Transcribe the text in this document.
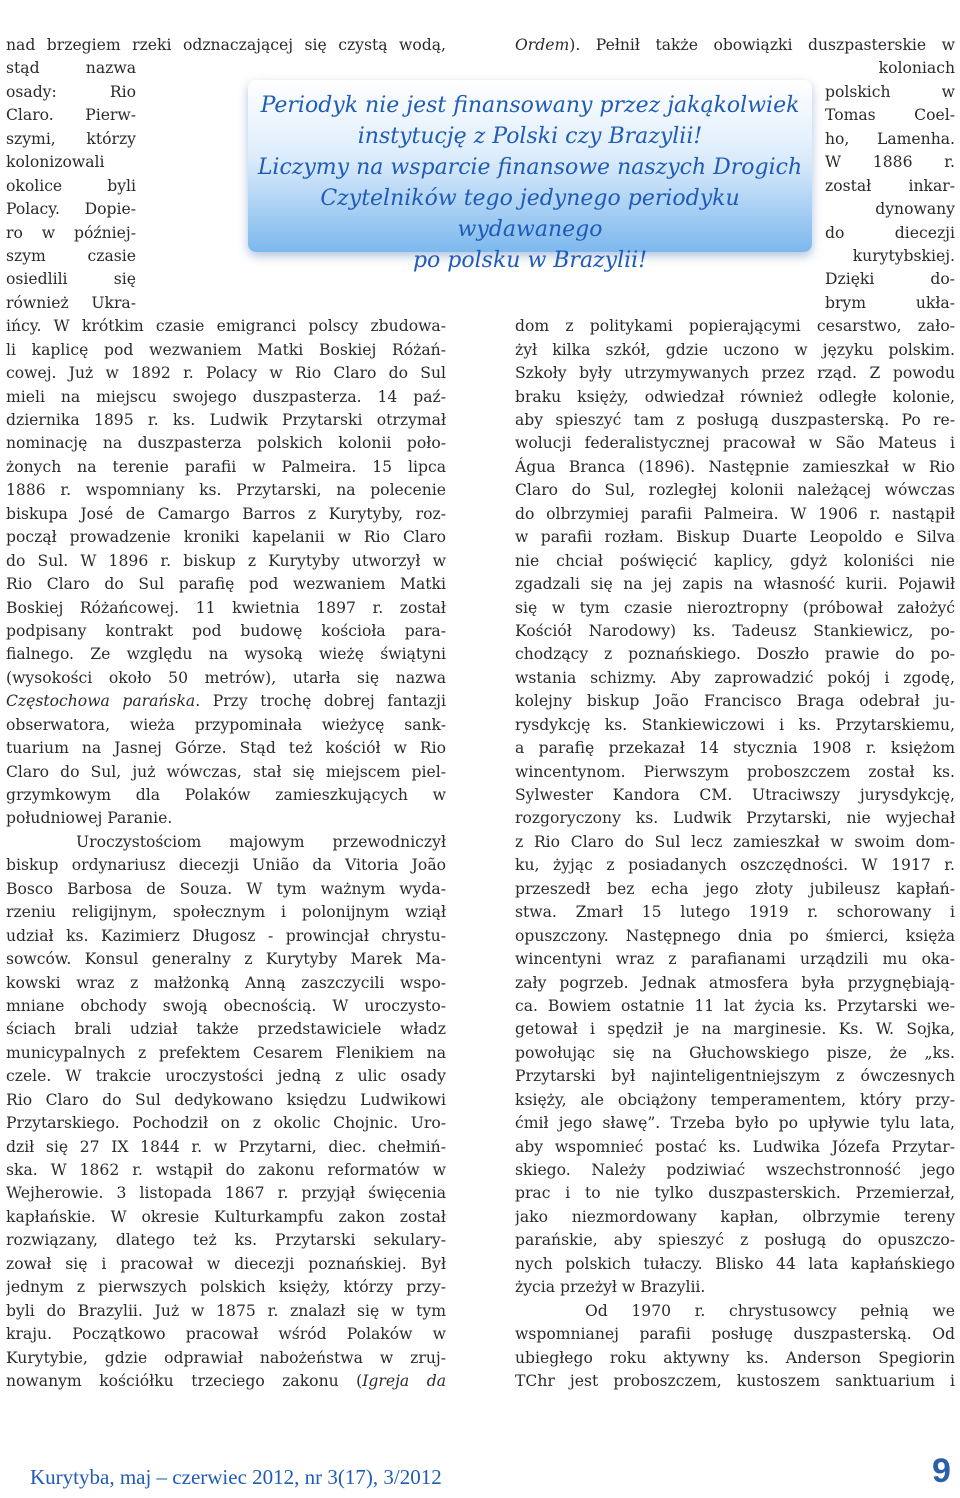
nad brzegiem rzeki odznaczającej się czystą wodą,
stąd nazwa
osady: Rio
Claro. Pierw-
szymi, którzy
kolonizowali
okolice byli
Polacy. Dopie-
ro w później-
szym czasie
osiedlili się
również Ukra-
ińcy. W krótkim czasie emigranci polscy zbudowa-
li kaplicę pod wezwaniem Matki Boskiej Różań-
cowej. Już w 1892 r. Polacy w Rio Claro do Sul
mieli na miejscu swojego duszpasterza. 14 paź-
dziernika 1895 r. ks. Ludwik Przytarski otrzymał
nominację na duszpasterza polskich kolonii poło-
żonych na terenie parafii w Palmeira. 15 lipca
1886 r. wspomniany ks. Przytarski, na polecenie
biskupa José de Camargo Barros z Kurytyby, roz-
począł prowadzenie kroniki kapelanii w Rio Claro
do Sul. W 1896 r. biskup z Kurytyby utworzył w
Rio Claro do Sul parafię pod wezwaniem Matki
Boskiej Różańcowej. 11 kwietnia 1897 r. został
podpisany kontrakt pod budowę kościoła para-
fialnego. Ze względu na wysoką wieżę świątyni
(wysokości około 50 metrów), utarła się nazwa
Częstochowa parańska. Przy trochę dobrej fantazji
obserwatora, wieża przypominała wieżycę sank-
tuarium na Jasnej Górze. Stąd też kościół w Rio
Claro do Sul, już wówczas, stał się miejscem piel-
grzymkowym dla Polaków zamieszkujących w
południowej Paranie.
Uroczystościom majowym przewodniczył
biskup ordynariusz diecezji União da Vitoria João
Bosco Barbosa de Souza. W tym ważnym wyda-
rzeniu religijnym, społecznym i polonijnym wziął
udział ks. Kazimierz Długosz - prowincjał chrystu-
sowców. Konsul generalny z Kurytyby Marek Ma-
kowski wraz z małżonką Anną zaszczycili wspo-
mniane obchody swoją obecnością. W uroczysto-
ściach brali udział także przedstawiciele władz
municypalnych z prefektem Cesarem Flenikiem na
czele. W trakcie uroczystości jedną z ulic osady
Rio Claro do Sul dedykowano księdzu Ludwikowi
Przytarskiego. Pochodził on z okolic Chojnic. Uro-
dził się 27 IX 1844 r. w Przytarni, diec. chełmiń-
ska. W 1862 r. wstąpił do zakonu reformatów w
Wejherowie. 3 listopada 1867 r. przyjął święcenia
kapłańskie. W okresie Kulturkampfu zakon został
rozwiązany, dlatego też ks. Przytarski sekulary-
zował się i pracował w diecezji poznańskiej. Był
jednym z pierwszych polskich księży, którzy przy-
byli do Brazylii. Już w 1875 r. znalazł się w tym
kraju. Początkowo pracował wśród Polaków w
Kurytybie, gdzie odprawiał nabożeństwa w zruj-
nowanym kościółku trzeciego zakonu (Igreja da
Ordem). Pełnił także obowiązki duszpasterskie w
koloniach
polskich w
Tomas Coel-
ho, Lamenha.
W 1886 r.
został inkar-
dynowany
do diecezji
kurytybskiej.
Dzięki do-
brym ukła-
dom z politykami popierającymi cesarstwo, zało-
żył kilka szkół, gdzie uczono w języku polskim.
Szkoły były utrzymywanych przez rząd. Z powodu
braku księży, odwiedzał również odległe kolonie,
aby spieszyć tam z posługą duszpasterską. Po re-
wolucji federalistycznej pracował w São Mateus i
Água Branca (1896). Następnie zamieszkał w Rio
Claro do Sul, rozległej kolonii należącej wówczas
do olbrzymiej parafii Palmeira. W 1906 r. nastąpił
w parafii rozłam. Biskup Duarte Leopoldo e Silva
nie chciał poświęcić kaplicy, gdyż koloniści nie
zgadzali się na jej zapis na własność kurii. Pojawił
się w tym czasie nieroztropny (próbował założyć
Kościół Narodowy) ks. Tadeusz Stankiewicz, po-
chodzący z poznańskiego. Doszło prawie do po-
wstania schizmy. Aby zaprowadzić pokój i zgodę,
kolejny biskup João Francisco Braga odebrał ju-
rysdykcję ks. Stankiewiczowi i ks. Przytarskiemu,
a parafię przekazał 14 stycznia 1908 r. księżom
wincentynom. Pierwszym proboszczem został ks.
Sylwester Kandora CM. Utraciwszy jurysdykcję,
rozgoryczony ks. Ludwik Przytarski, nie wyjechał
z Rio Claro do Sul lecz zamieszkał w swoim dom-
ku, żyjąc z posiadanych oszczędności. W 1917 r.
przeszedł bez echa jego złoty jubileusz kapłań-
stwa. Zmarł 15 lutego 1919 r. schorowany i
opuszczony. Następnego dnia po śmierci, księża
wincentyni wraz z parafianami urządzili mu oka-
zały pogrzeb. Jednak atmosfera była przygnębiają-
ca. Bowiem ostatnie 11 lat życia ks. Przytarski we-
getował i spędził je na marginesie. Ks. W. Sojka,
powołując się na Głuchowskiego pisze, że „ks.
Przytarski był najinteligentniejszym z ówczesnych
księży, ale obciążony temperamentem, który przy-
ćmił jego sławę”. Trzeba było po upływie tylu lata,
aby wspomnieć postać ks. Ludwika Józefa Przytar-
skiego. Należy podziwiać wszechstronność jego
prac i to nie tylko duszpasterskich. Przemierzał,
jako niezmordowany kapłan, olbrzymie tereny
parańskie, aby spieszyć z posługą do opuszczo-
nych polskich tułaczy. Blisko 44 lata kapłańskiego
życia przeżył w Brazylii.
Od 1970 r. chrystusowcy pełnią we
wspomnianej parafii posługę duszpasterską. Od
ubiegłego roku aktywny ks. Anderson Spegiorin
TChr jest proboszczem, kustoszem sanktuarium i
Periodyk nie jest finansowany przez jakąkolwiek
instytucję z Polski czy Brazylii!
Liczymy na wsparcie finansowe naszych Drogich
Czytelników tego jedynego periodyku wydawanego
po polsku w Brazylii!
Kurytyba, maj – czerwiec 2012, nr 3(17), 3/2012	9
